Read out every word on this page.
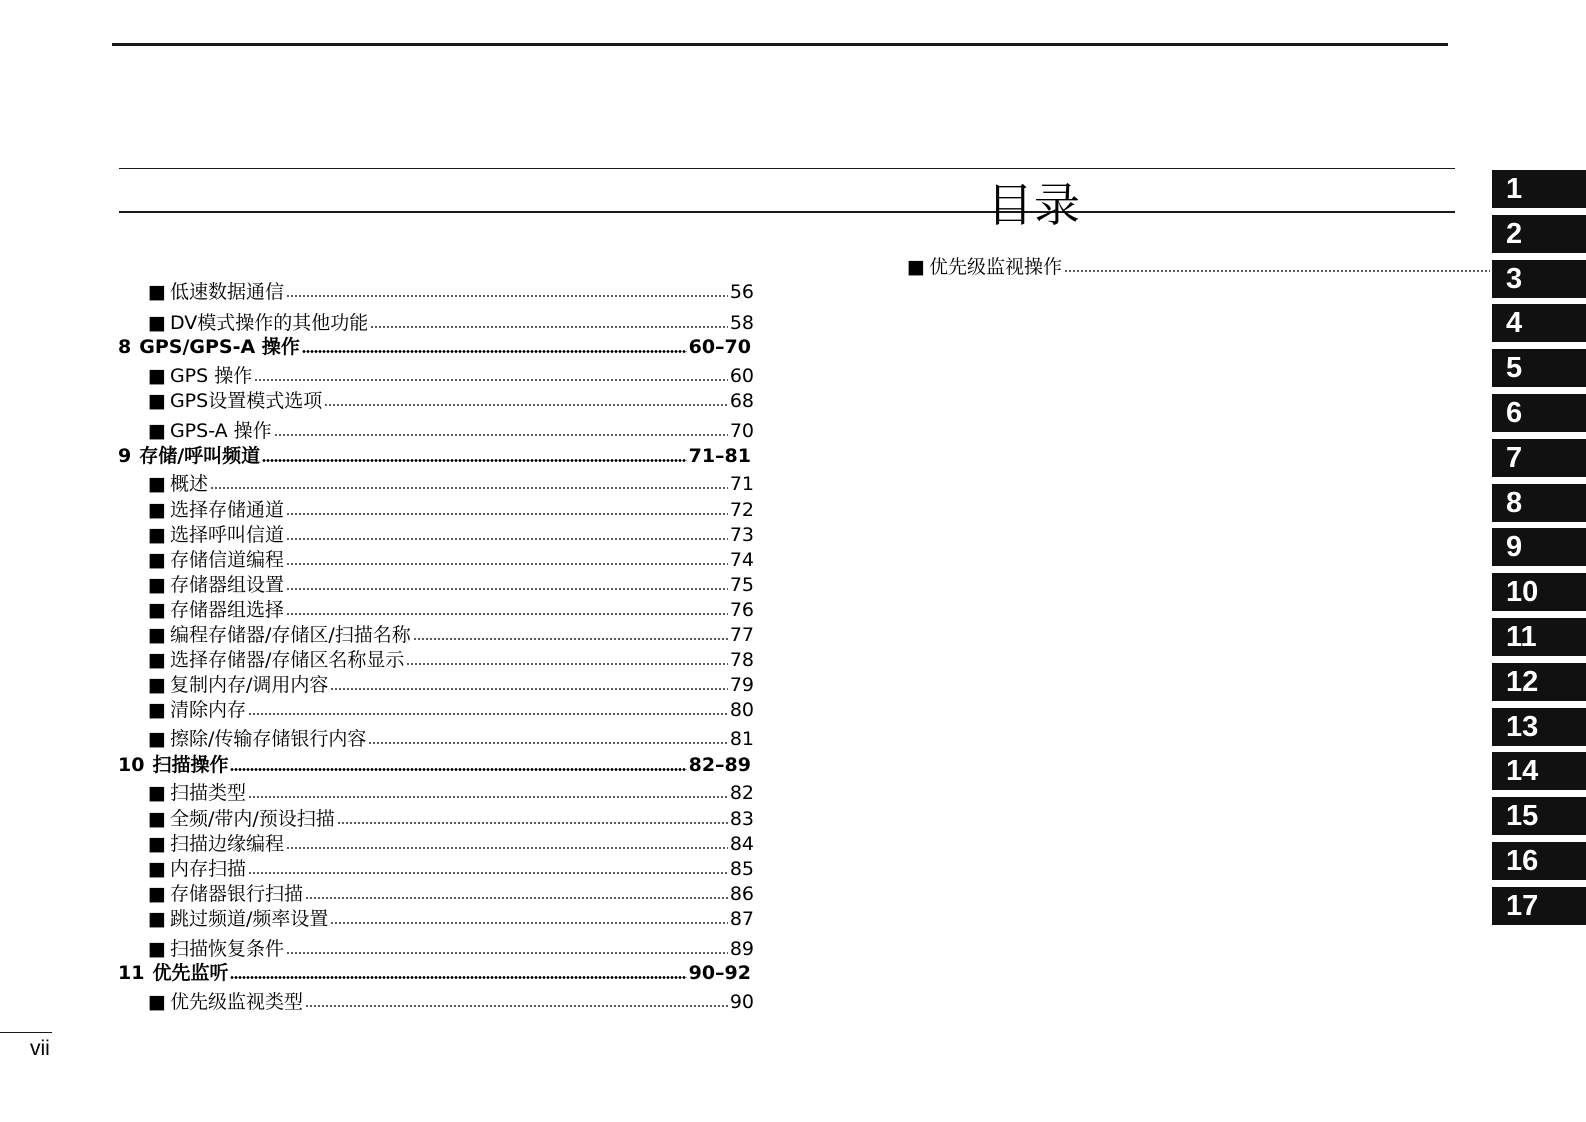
目录
■ 低速数据通信	56
■ DV模式操作的其他功能	58
8 GPS/GPS-A 操作	60–70
■ GPS 操作	60
■ GPS设置模式选项	68
■ GPS-A 操作	70
9 存储/呼叫频道	71–81
■ 概述	71
■ 选择存储通道	72
■ 选择呼叫信道	73
■ 存储信道编程	74
■ 存储器组设置	75
■ 存储器组选择	76
■ 编程存储器/存储区/扫描名称	77
■ 选择存储器/存储区名称显示	78
■ 复制内存/调用内容	79
■ 清除内存	80
■ 擦除/传输存储银行内容	81
10 扫描操作	82–89
■ 扫描类型	82
■ 全频/带内/预设扫描	83
■ 扫描边缘编程	84
■ 内存扫描	85
■ 存储器银行扫描	86
■ 跳过频道/频率设置	87
■ 扫描恢复条件	89
11 优先监听	90–92
■ 优先级监视类型	90
■ 优先级监视操作
1
2
3
4
5
6
7
8
9
10
11
12
13
14
15
16
17
vii
